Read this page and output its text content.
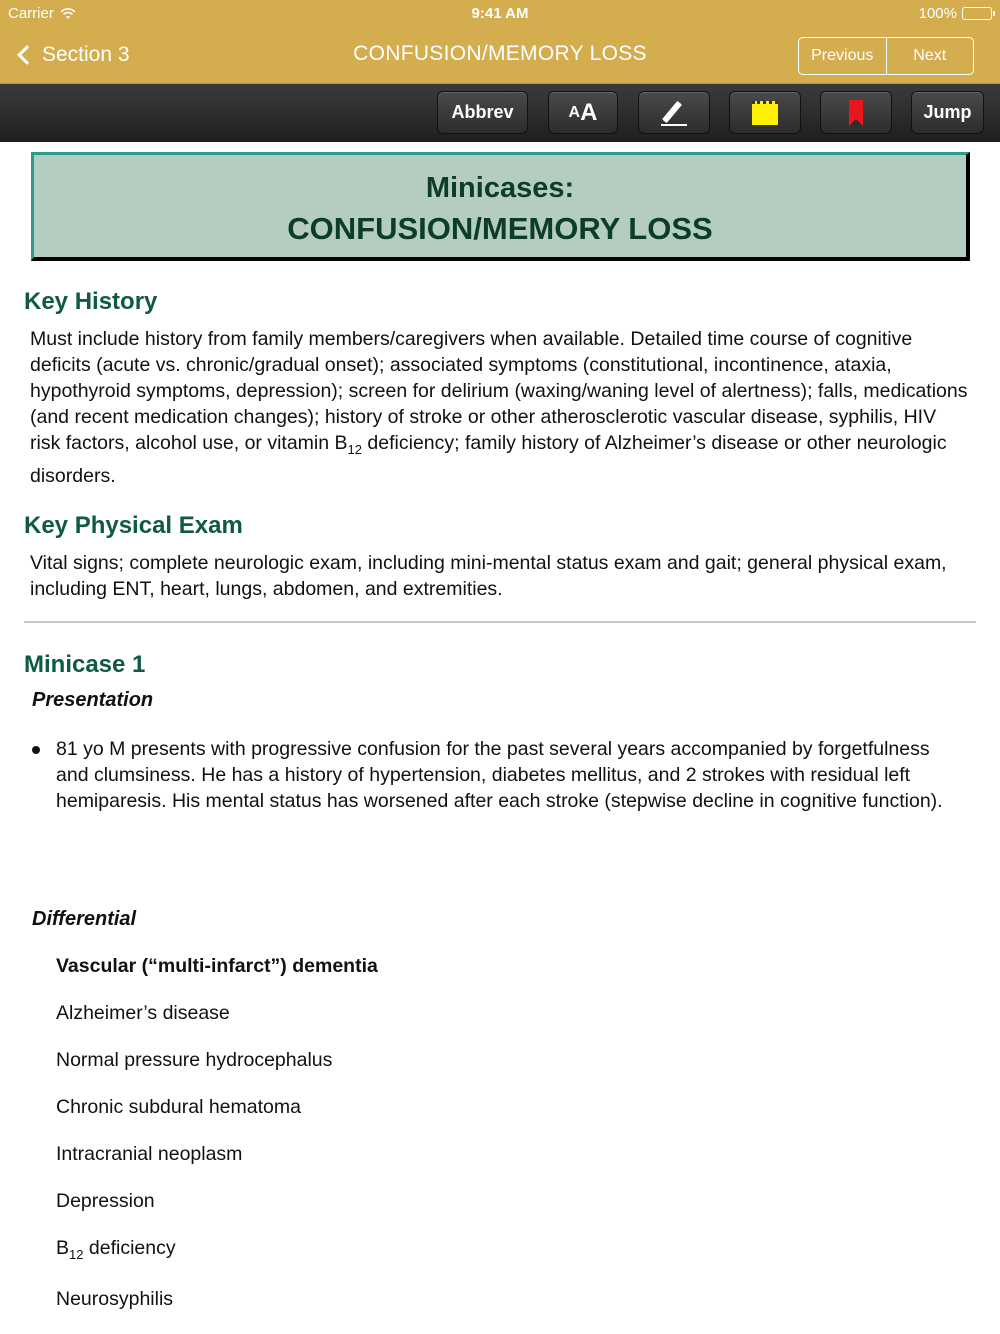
Carrier	9:41 AM	100%
Section 3	CONFUSION/MEMORY LOSS	Previous	Next
Abbrev	A A	Jump
Minicases:
CONFUSION/MEMORY LOSS
Key History
Must include history from family members/caregivers when available. Detailed time course of cognitive deficits (acute vs. chronic/gradual onset); associated symptoms (constitutional, incontinence, ataxia, hypothyroid symptoms, depression); screen for delirium (waxing/waning level of alertness); falls, medications (and recent medication changes); history of stroke or other atherosclerotic vascular disease, syphilis, HIV risk factors, alcohol use, or vitamin $B_{12}$ deficiency; family history of Alzheimer’s disease or other neurologic disorders.
Key Physical Exam
Vital signs; complete neurologic exam, including mini-mental status exam and gait; general physical exam, including ENT, heart, lungs, abdomen, and extremities.
Minicase 1
Presentation
81 yo M presents with progressive confusion for the past several years accompanied by forgetfulness and clumsiness. He has a history of hypertension, diabetes mellitus, and 2 strokes with residual left hemiparesis. His mental status has worsened after each stroke (stepwise decline in cognitive function).
Differential
Vascular (“multi-infarct”) dementia
Alzheimer’s disease
Normal pressure hydrocephalus
Chronic subdural hematoma
Intracranial neoplasm
Depression
$B_{12}$ deficiency
Neurosyphilis
